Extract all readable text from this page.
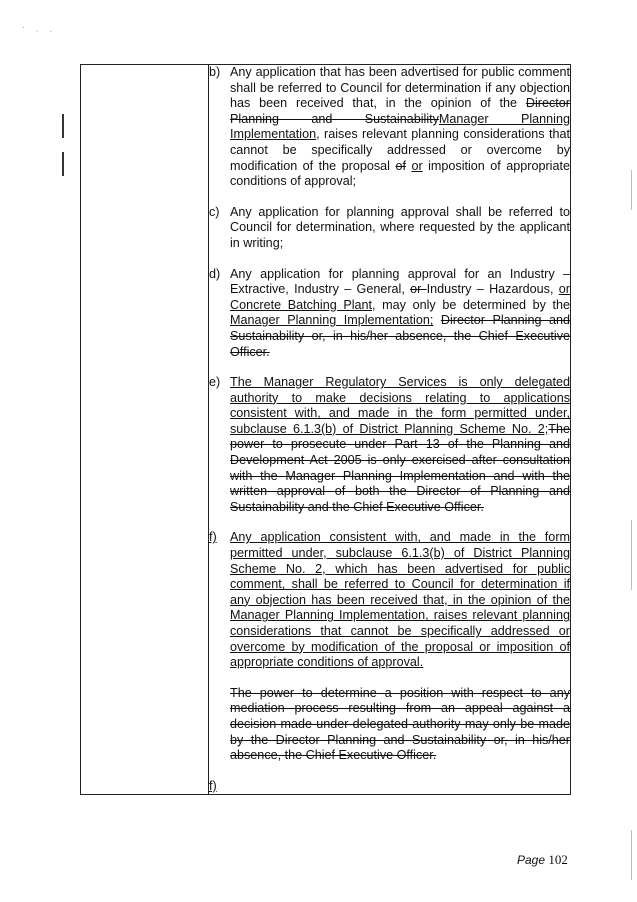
· ˎ ˏ

b) Any application that has been advertised for public comment shall be referred to Council for determination if any objection has been received that, in the opinion of the Director Planning and SustainabilityManager Planning Implementation, raises relevant planning considerations that cannot be specifically addressed or overcome by modification of the proposal of or imposition of appropriate conditions of approval;
c) Any application for planning approval shall be referred to Council for determination, where requested by the applicant in writing;
d) Any application for planning approval for an Industry – Extractive, Industry – General, or Industry – Hazardous, or Concrete Batching Plant, may only be determined by the Manager Planning Implementation; Director Planning and Sustainability or, in his/her absence, the Chief Executive Officer.
e) The Manager Regulatory Services is only delegated authority to make decisions relating to applications consistent with, and made in the form permitted under, subclause 6.1.3(b) of District Planning Scheme No. 2;The power to prosecute under Part 13 of the Planning and Development Act 2005 is only exercised after consultation with the Manager Planning Implementation and with the written approval of both the Director of Planning and Sustainability and the Chief Executive Officer.
f)	Any application consistent with, and made in the form permitted under, subclause 6.1.3(b) of District Planning Scheme No. 2, which has been advertised for public comment, shall be referred to Council for determination if any objection has been received that, in the opinion of the Manager Planning Implementation, raises relevant planning considerations that cannot be specifically addressed or overcome by modification of the proposal or imposition of appropriate conditions of approval.
The power to determine a position with respect to any mediation process resulting from an appeal against a decision made under delegated authority may only be made by the Director Planning and Sustainability or, in his/her absence, the Chief Executive Officer.
f)
Page 102
